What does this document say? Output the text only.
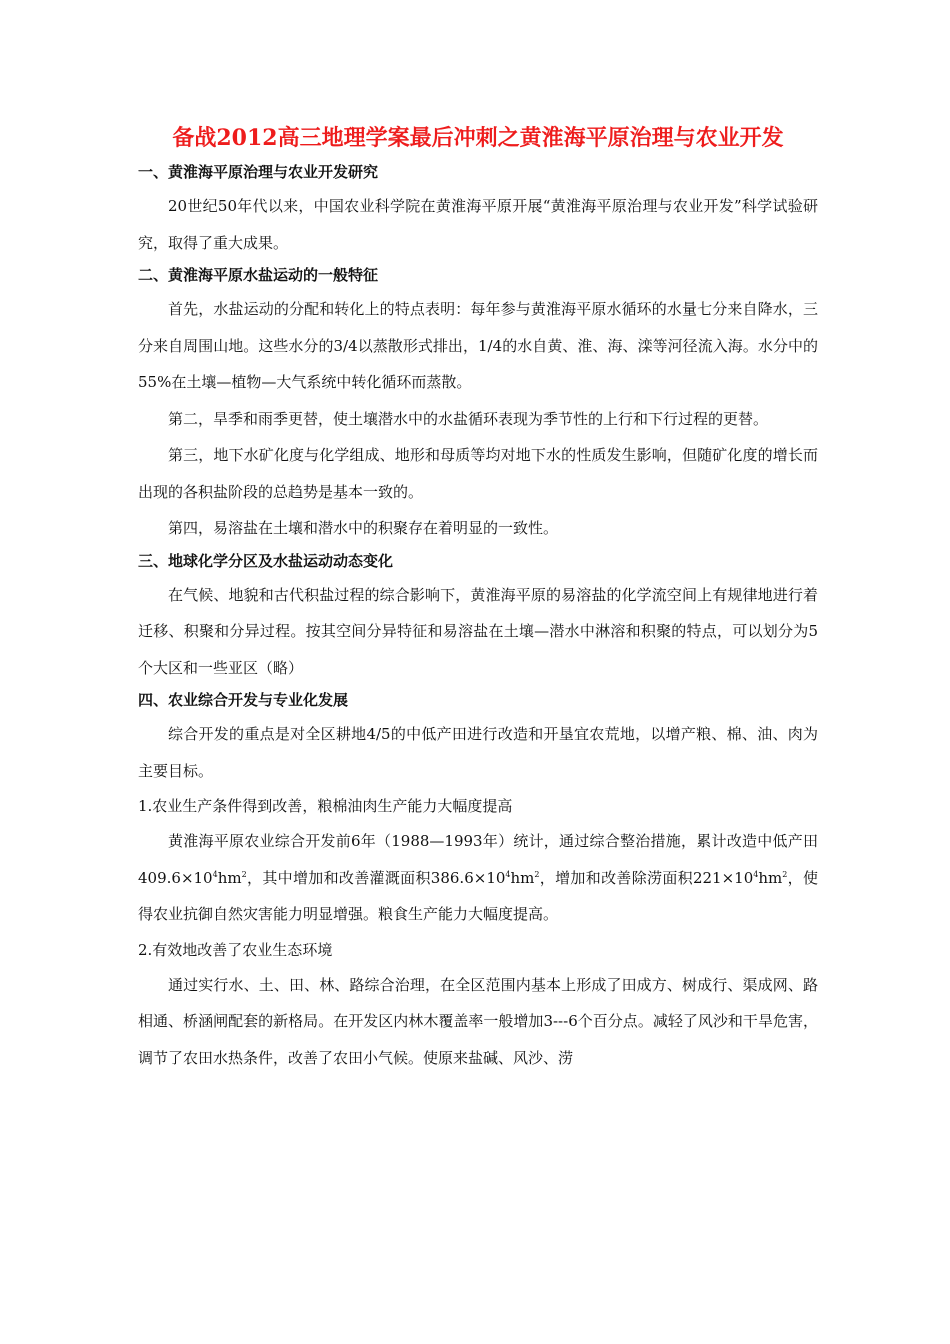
备战2012高三地理学案最后冲刺之黄淮海平原治理与农业开发
一、黄淮海平原治理与农业开发研究

20世纪50年代以来，中国农业科学院在黄淮海平原开展“黄淮海平原治理与农业开发”科学试验研究，取得了重大成果。

二、黄淮海平原水盐运动的一般特征

首先，水盐运动的分配和转化上的特点表明：每年参与黄淮海平原水循环的水量七分来自降水，三分来自周围山地。这些水分的3/4以蒸散形式排出，1/4的水自黄、淮、海、滦等河径流入海。水分中的55%在土壤—植物—大气系统中转化循环而蒸散。

第二，旱季和雨季更替，使土壤潜水中的水盐循环表现为季节性的上行和下行过程的更替。

第三，地下水矿化度与化学组成、地形和母质等均对地下水的性质发生影响，但随矿化度的增长而出现的各积盐阶段的总趋势是基本一致的。

第四，易溶盐在土壤和潜水中的积聚存在着明显的一致性。

三、地球化学分区及水盐运动动态变化

在气候、地貌和古代积盐过程的综合影响下，黄淮海平原的易溶盐的化学流空间上有规律地进行着迁移、积聚和分异过程。按其空间分异特征和易溶盐在土壤—潜水中淋溶和积聚的特点，可以划分为5个大区和一些亚区（略）

四、农业综合开发与专业化发展

综合开发的重点是对全区耕地4/5的中低产田进行改造和开垦宜农荒地，以增产粮、棉、油、肉为主要目标。

1.农业生产条件得到改善，粮棉油肉生产能力大幅度提高

黄淮海平原农业综合开发前6年（1988—1993年）统计，通过综合整治措施，累计改造中低产田$409.6\times 10^4hm^2$，其中增加和改善灌溉面积$386.6\times 10^4hm^2$，增加和改善除涝面积$221\times 10^4hm^2$，使得农业抗御自然灾害能力明显增强。粮食生产能力大幅度提高。

2.有效地改善了农业生态环境

通过实行水、土、田、林、路综合治理，在全区范围内基本上形成了田成方、树成行、渠成网、路相通、桥涵闸配套的新格局。在开发区内林木覆盖率一般增加3---6个百分点。减轻了风沙和干旱危害，调节了农田水热条件，改善了农田小气候。使原来盐碱、风沙、涝
